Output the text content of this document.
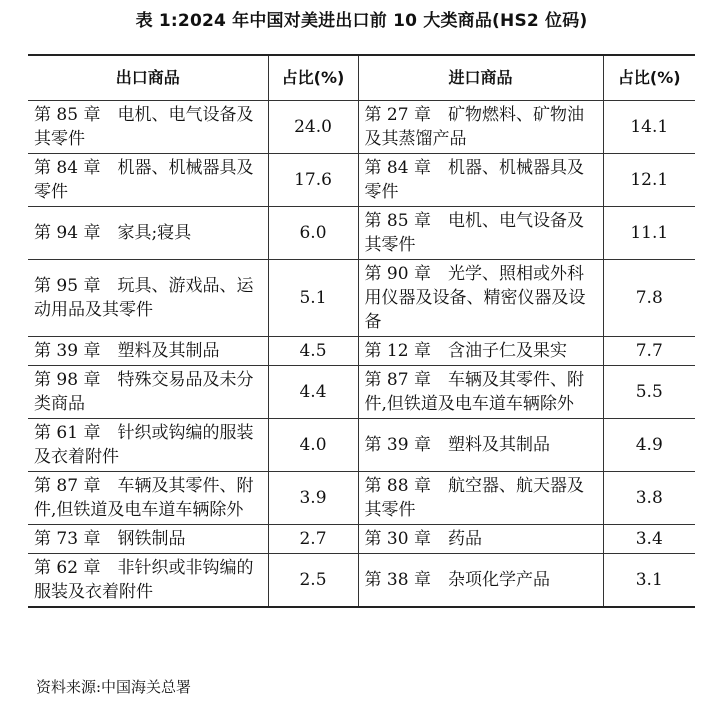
表 1:2024 年中国对美进出口前 10 大类商品(HS2 位码)
出口商品	占比(%)	进口商品	占比(%)
第 85 章　电机、电气设备及其零件	24.0	第 27 章　矿物燃料、矿物油及其蒸馏产品	14.1
第 84 章　机器、机械器具及零件	17.6	第 84 章　机器、机械器具及零件	12.1
第 94 章　家具;寝具	6.0	第 85 章　电机、电气设备及其零件	11.1
第 95 章　玩具、游戏品、运动用品及其零件	5.1	第 90 章　光学、照相或外科用仪器及设备、精密仪器及设备	7.8
第 39 章　塑料及其制品	4.5	第 12 章　含油子仁及果实	7.7
第 98 章　特殊交易品及未分类商品	4.4	第 87 章　车辆及其零件、附件,但铁道及电车道车辆除外	5.5
第 61 章　针织或钩编的服装及衣着附件	4.0	第 39 章　塑料及其制品	4.9
第 87 章　车辆及其零件、附件,但铁道及电车道车辆除外	3.9	第 88 章　航空器、航天器及其零件	3.8
第 73 章　钢铁制品	2.7	第 30 章　药品	3.4
第 62 章　非针织或非钩编的服装及衣着附件	2.5	第 38 章　杂项化学产品	3.1
资料来源:中国海关总署
